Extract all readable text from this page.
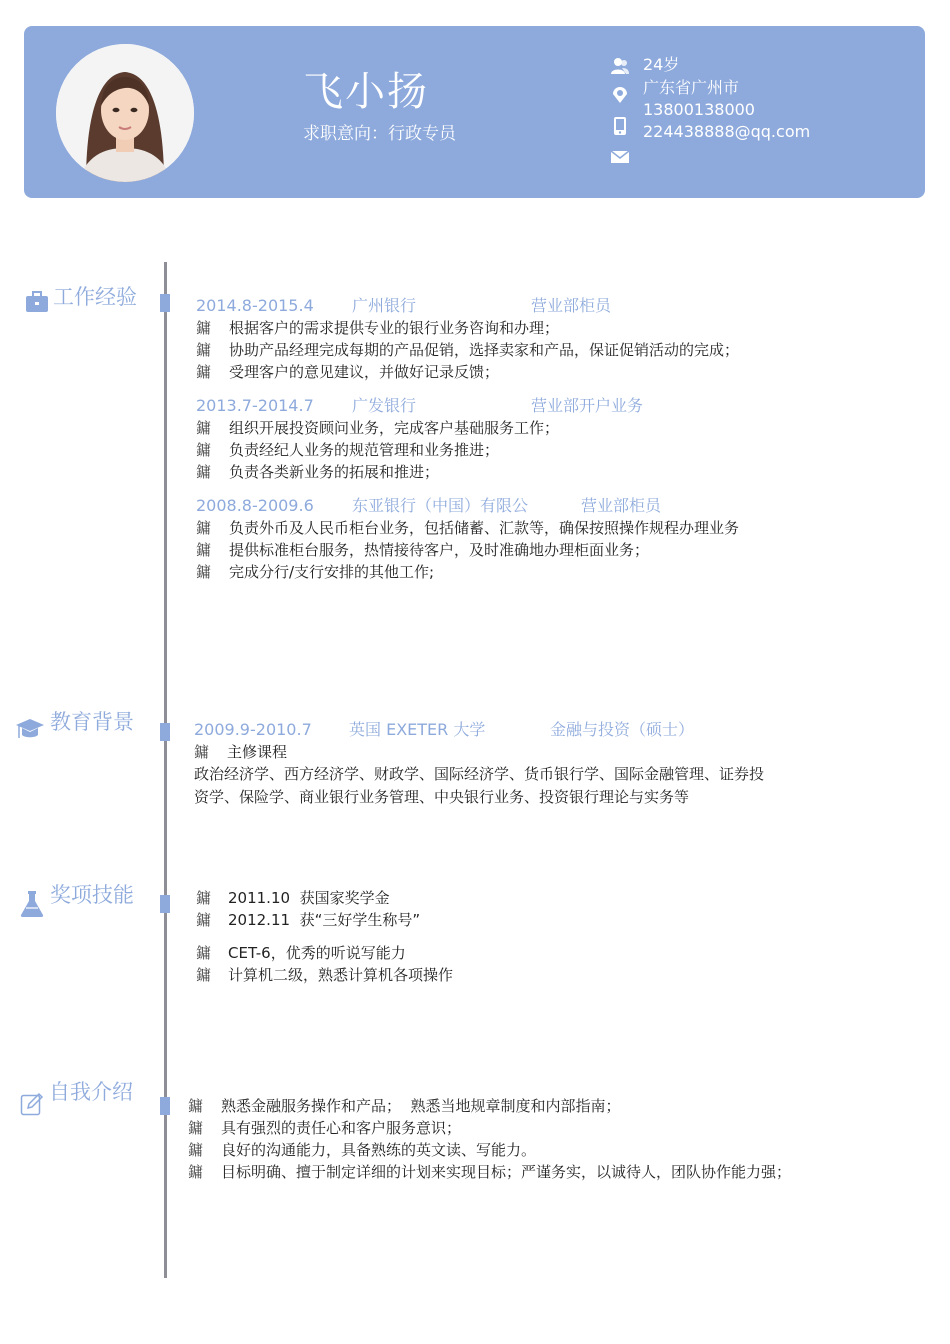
飞小扬
求职意向：行政专员
24岁
广东省广州市
13800138000
224438888@qq.com
工作经验	2014.8-2015.4 广州银行	营业部柜员
鏞 根据客户的需求提供专业的银行业务咨询和办理；
鏞 协助产品经理完成每期的产品促销，选择卖家和产品，保证促销活动的完成；
鏞 受理客户的意见建议，并做好记录反馈；
2013.7-2014.7 广发银行	营业部开户业务
鏞 组织开展投资顾问业务，完成客户基础服务工作；
鏞 负责经纪人业务的规范管理和业务推进；
鏞 负责各类新业务的拓展和推进；
2008.8-2009.6 东亚银行（中国）有限公	营业部柜员
鏞 负责外币及人民币柜台业务，包括储蓄、汇款等，确保按照操作规程办理业务
鏞 提供标准柜台服务，热情接待客户，及时准确地办理柜面业务；
鏞 完成分行/支行安排的其他工作;
教育背景	2009.9-2010.7 英国 EXETER 大学	金融与投资（硕士）
鏞 主修课程
政治经济学、西方经济学、财政学、国际经济学、货币银行学、国际金融管理、证券投
资学、保险学、商业银行业务管理、中央银行业务、投资银行理论与实务等
奖项技能	鏞 2011.10  获国家奖学金
鏞 2012.11  获“三好学生称号”
鏞 CET-6，优秀的听说写能力
鏞 计算机二级，熟悉计算机各项操作
自我介绍
鏞 熟悉金融服务操作和产品；  熟悉当地规章制度和内部指南；
鏞 具有强烈的责任心和客户服务意识；
鏞 良好的沟通能力，具备熟练的英文读、写能力。
鏞 目标明确、擅于制定详细的计划来实现目标；严谨务实，以诚待人，团队协作能力强；
